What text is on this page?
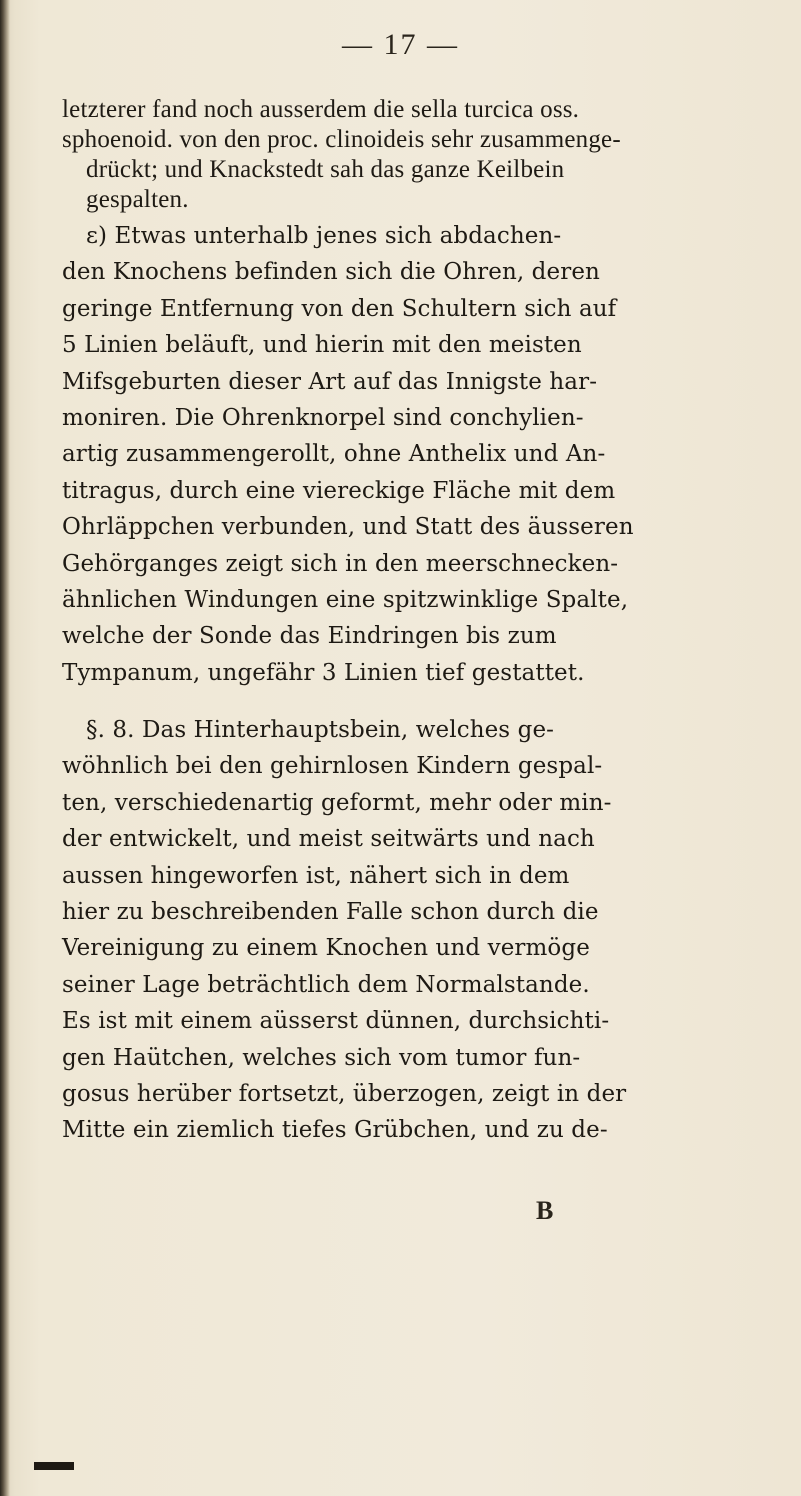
— 17 —
letzterer fand noch ausserdem die sella turcica oss.
sphoenoid. von den proc. clinoideis sehr zusammenge-
drückt; und Knackstedt sah das ganze Keilbein
gespalten.
ε) Etwas unterhalb jenes sich abdachen-
den Knochens befinden sich die Ohren, deren
geringe Entfernung von den Schultern sich auf
5 Linien beläuft, und hierin mit den meisten
Mifsgeburten dieser Art auf das Innigste har-
moniren. Die Ohrenknorpel sind conchylien-
artig zusammengerollt, ohne Anthelix und An-
titragus, durch eine viereckige Fläche mit dem
Ohrläppchen verbunden, und Statt des äusseren
Gehörganges zeigt sich in den meerschnecken-
ähnlichen Windungen eine spitzwinklige Spalte,
welche der Sonde das Eindringen bis zum
Tympanum, ungefähr 3 Linien tief gestattet.
§. 8. Das Hinterhauptsbein, welches ge-
wöhnlich bei den gehirnlosen Kindern gespal-
ten, verschiedenartig geformt, mehr oder min-
der entwickelt, und meist seitwärts und nach
aussen hingeworfen ist, nähert sich in dem
hier zu beschreibenden Falle schon durch die
Vereinigung zu einem Knochen und vermöge
seiner Lage beträchtlich dem Normalstande.
Es ist mit einem aüsserst dünnen, durchsichti-
gen Haütchen, welches sich vom tumor fun-
gosus herüber fortsetzt, überzogen, zeigt in der
Mitte ein ziemlich tiefes Grübchen, und zu de-
B
